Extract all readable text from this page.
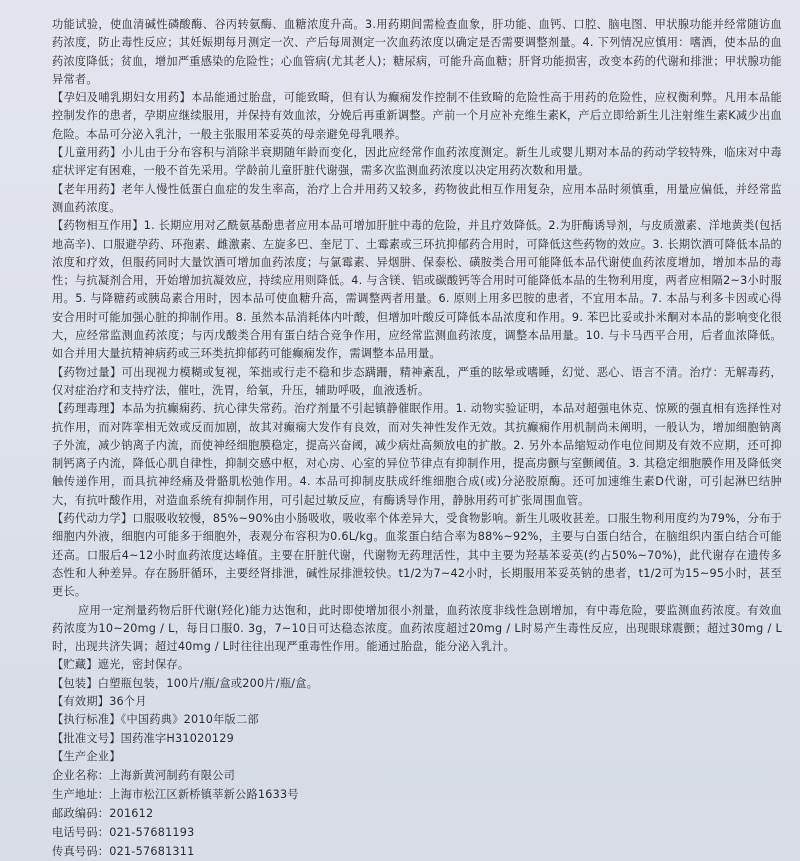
功能试验，使血清碱性磷酸酶、谷丙转氨酶、血糖浓度升高。3.用药期间需检查血象，肝功能、血钙、口腔、脑电图、甲状腺功能并经常随访血药浓度，防止毒性反应；其妊娠期每月测定一次、产后每周测定一次血药浓度以确定是否需要调整剂量。4. 下列情况应慎用：嗜酒，使本品的血药浓度降低；贫血，增加严重感染的危险性；心血管病(尤其老人)；糖尿病，可能升高血糖；肝肾功能损害，改变本药的代谢和排泄；甲状腺功能异常者。

【孕妇及哺乳期妇女用药】本品能通过胎盘，可能致畸，但有认为癫痫发作控制不佳致畸的危险性高于用药的危险性，应权衡利弊。凡用本品能控制发作的患者，孕期应继续服用，并保持有效血浓，分娩后再重新调整。产前一个月应补充维生素K，产后立即给新生儿注射维生素K减少出血危险。本品可分泌入乳汁，一般主张服用苯妥英的母亲避免母乳喂养。

【儿童用药】小儿由于分布容积与消除半衰期随年龄而变化，因此应经常作血药浓度测定。新生儿或婴儿期对本品的药动学较特殊，临床对中毒症状评定有困难，一般不首先采用。学龄前儿童肝脏代谢强，需多次监测血药浓度以决定用药次数和用量。

【老年用药】老年人慢性低蛋白血症的发生率高，治疗上合并用药又较多，药物彼此相互作用复杂，应用本品时须慎重，用量应偏低，并经常监测血药浓度。

【药物相互作用】1. 长期应用对乙酰氨基酚患者应用本品可增加肝脏中毒的危险，并且疗效降低。2.为肝酶诱导剂，与皮质激素、洋地黄类(包括地高辛)、口服避孕药、环孢素、雌激素、左旋多巴、奎尼丁、土霉素或三环抗抑郁药合用时，可降低这些药物的效应。3. 长期饮酒可降低本品的浓度和疗效，但服药同时大量饮酒可增加血药浓度；与氯霉素、异烟肼、保泰松、磺胺类合用可能降低本品代谢使血药浓度增加，增加本品的毒性；与抗凝剂合用，开始增加抗凝效应，持续应用则降低。4. 与含镁、铝或碳酸钙等合用时可能降低本品的生物利用度，两者应相隔2~3小时服用。5. 与降糖药或胰岛素合用时，因本品可使血糖升高，需调整两者用量。6. 原则上用多巴胺的患者，不宜用本品。7. 本品与利多卡因或心得安合用时可能加强心脏的抑制作用。8. 虽然本品消耗体内叶酸，但增加叶酸反可降低本品浓度和作用。9. 苯巴比妥或扑米酮对本品的影响变化很大，应经常监测血药浓度；与丙戊酸类合用有蛋白结合竞争作用，应经常监测血药浓度，调整本品用量。10. 与卡马西平合用，后者血浓降低。如合并用大量抗精神病药或三环类抗抑郁药可能癫痫发作，需调整本品用量。

【药物过量】可出现视力模糊或复视，笨拙或行走不稳和步态蹒跚，精神紊乱，严重的眩晕或嗜睡，幻觉、恶心、语言不清。治疗：无解毒药，仅对症治疗和支持疗法，催吐，洗胃，给氧，升压，辅助呼吸，血液透析。

【药理毒理】本品为抗癫痫药、抗心律失常药。治疗剂量不引起镇静催眠作用。1. 动物实验证明，本品对超强电休克、惊厥的强直相有选择性对抗作用，而对阵挛相无效或反而加剧，故其对癫痫大发作有良效，而对失神性发作无效。其抗癫痫作用机制尚未阐明，一般认为，增加细胞钠离子外流，减少钠离子内流，而使神经细胞膜稳定，提高兴奋阈，减少病灶高频放电的扩散。2. 另外本品缩短动作电位间期及有效不应期，还可抑制钙离子内流，降低心肌自律性，抑制交感中枢，对心房、心室的异位节律点有抑制作用，提高房颤与室颤阈值。3. 其稳定细胞膜作用及降低突触传递作用，而具抗神经痛及骨骼肌松弛作用。4. 本品可抑制皮肤成纤维细胞合成(或)分泌胶原酶。还可加速维生素D代谢，可引起淋巴结肿大，有抗叶酸作用，对造血系统有抑制作用，可引起过敏反应，有酶诱导作用，静脉用药可扩张周围血管。

【药代动力学】口服吸收较慢，85%~90%由小肠吸收，吸收率个体差异大，受食物影响。新生儿吸收甚差。口服生物利用度约为79%，分布于细胞内外液，细胞内可能多于细胞外，表观分布容积为0.6L/kg。血浆蛋白结合率为88%~92%，主要与白蛋白结合，在脑组织内蛋白结合可能还高。口服后4~12小时血药浓度达峰值。主要在肝脏代谢，代谢物无药理活性，其中主要为羟基苯妥英(约占50%~70%)，此代谢存在遗传多态性和人种差异。存在肠肝循环，主要经肾排泄，碱性尿排泄较快。t1/2为7~42小时，长期服用苯妥英钠的患者，t1/2可为15~95小时，甚至更长。

应用一定剂量药物后肝代谢(羟化)能力达饱和，此时即使增加很小剂量，血药浓度非线性急剧增加，有中毒危险，要监测血药浓度。有效血药浓度为10~20mg / L，每日口服0. 3g，7~10日可达稳态浓度。血药浓度超过20mg / L时易产生毒性反应，出现眼球震颤；超过30mg / L时，出现共济失调；超过40mg / L时往往出现严重毒性作用。能通过胎盘，能分泌入乳汁。

【贮藏】遮光，密封保存。

【包装】白塑瓶包装，100片/瓶/盒或200片/瓶/盒。

【有效期】36个月

【执行标准】《中国药典》2010年版二部

【批准文号】国药准字H31020129

【生产企业】

企业名称：上海新黄河制药有限公司

生产地址：上海市松江区新桥镇莘新公路1633号

邮政编码：201612

电话号码：021-57681193

传真号码：021-57681311
